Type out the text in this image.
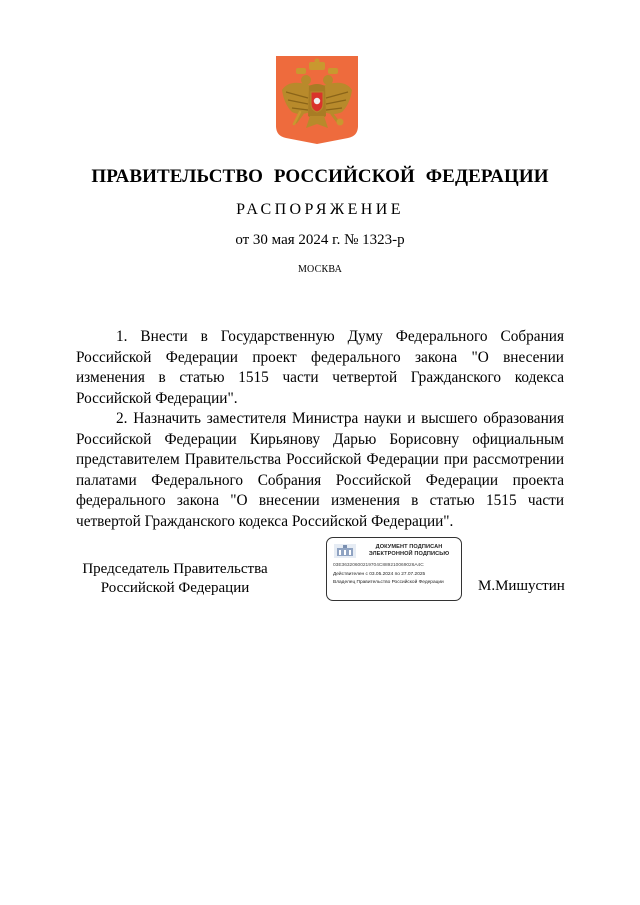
ПРАВИТЕЛЬСТВО РОССИЙСКОЙ ФЕДЕРАЦИИ
РАСПОРЯЖЕНИЕ
от 30 мая 2024 г. № 1323-р
МОСКВА

1. Внести в Государственную Думу Федерального Собрания Российской Федерации проект федерального закона "О внесении изменения в статью 1515 части четвертой Гражданского кодекса Российской Федерации".

2. Назначить заместителя Министра науки и высшего образования Российской Федерации Кирьянову Дарью Борисовну официальным представителем Правительства Российской Федерации при рассмотрении палатами Федерального Собрания Российской Федерации проекта федерального закона "О внесении изменения в статью 1515 части четвертой Гражданского кодекса Российской Федерации".

Председатель Правительства
Российской Федерации
ДОКУМЕНТ ПОДПИСАН
ЭЛЕКТРОННОЙ ПОДПИСЬЮ
03E36320600219704C889210069026A4C
Действителен с 03.05.2024 по 27.07.2025
Владелец Правительство Российской Федерации	М.Мишустин
